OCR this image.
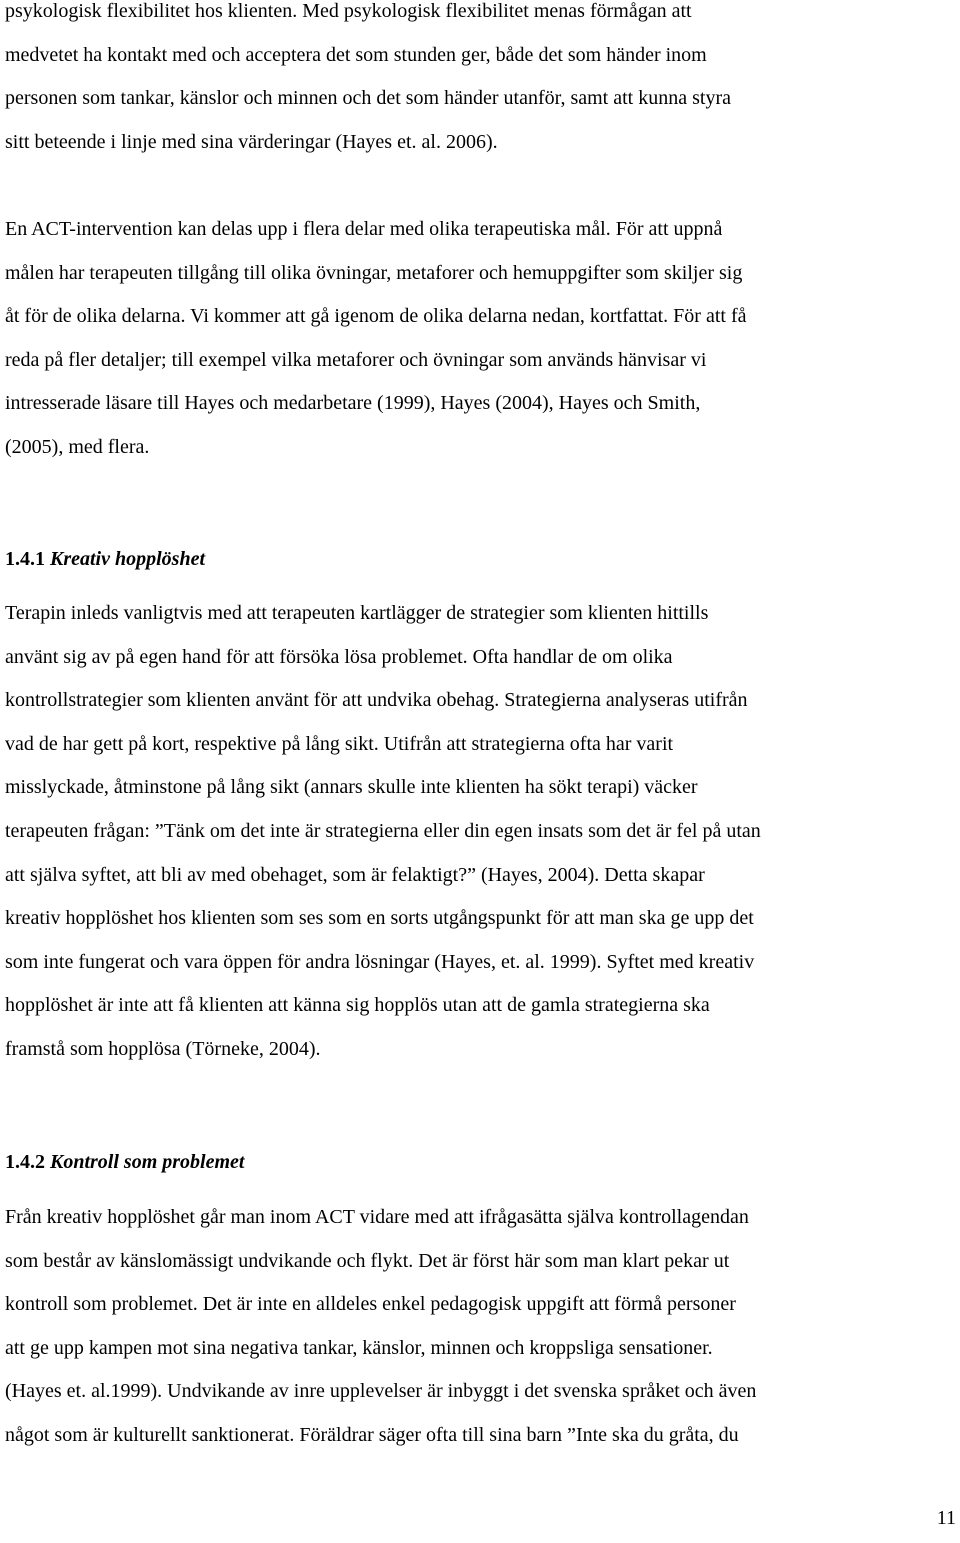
psykologisk flexibilitet hos klienten. Med psykologisk flexibilitet menas förmågan att
medvetet ha kontakt med och acceptera det som stunden ger, både det som händer inom
personen som tankar, känslor och minnen och det som händer utanför, samt att kunna styra
sitt beteende i linje med sina värderingar (Hayes et. al. 2006).

En ACT-intervention kan delas upp i flera delar med olika terapeutiska mål. För att uppnå
målen har terapeuten tillgång till olika övningar, metaforer och hemuppgifter som skiljer sig
åt för de olika delarna. Vi kommer att gå igenom de olika delarna nedan, kortfattat. För att få
reda på fler detaljer; till exempel vilka metaforer och övningar som används hänvisar vi
intresserade läsare till Hayes och medarbetare (1999), Hayes (2004), Hayes och Smith,
(2005), med flera.

1.4.1 Kreativ hopplöshet

Terapin inleds vanligtvis med att terapeuten kartlägger de strategier som klienten hittills
använt sig av på egen hand för att försöka lösa problemet. Ofta handlar de om olika
kontrollstrategier som klienten använt för att undvika obehag. Strategierna analyseras utifrån
vad de har gett på kort, respektive på lång sikt. Utifrån att strategierna ofta har varit
misslyckade, åtminstone på lång sikt (annars skulle inte klienten ha sökt terapi) väcker
terapeuten frågan: ”Tänk om det inte är strategierna eller din egen insats som det är fel på utan
att själva syftet, att bli av med obehaget, som är felaktigt?” (Hayes, 2004). Detta skapar
kreativ hopplöshet hos klienten som ses som en sorts utgångspunkt för att man ska ge upp det
som inte fungerat och vara öppen för andra lösningar (Hayes, et. al. 1999). Syftet med kreativ
hopplöshet är inte att få klienten att känna sig hopplös utan att de gamla strategierna ska
framstå som hopplösa (Törneke, 2004).

1.4.2 Kontroll som problemet

Från kreativ hopplöshet går man inom ACT vidare med att ifrågasätta själva kontrollagendan
som består av känslomässigt undvikande och flykt. Det är först här som man klart pekar ut
kontroll som problemet. Det är inte en alldeles enkel pedagogisk uppgift att förmå personer
att ge upp kampen mot sina negativa tankar, känslor, minnen och kroppsliga sensationer.
(Hayes et. al.1999). Undvikande av inre upplevelser är inbyggt i det svenska språket och även
något som är kulturellt sanktionerat. Föräldrar säger ofta till sina barn ”Inte ska du gråta, du

11
